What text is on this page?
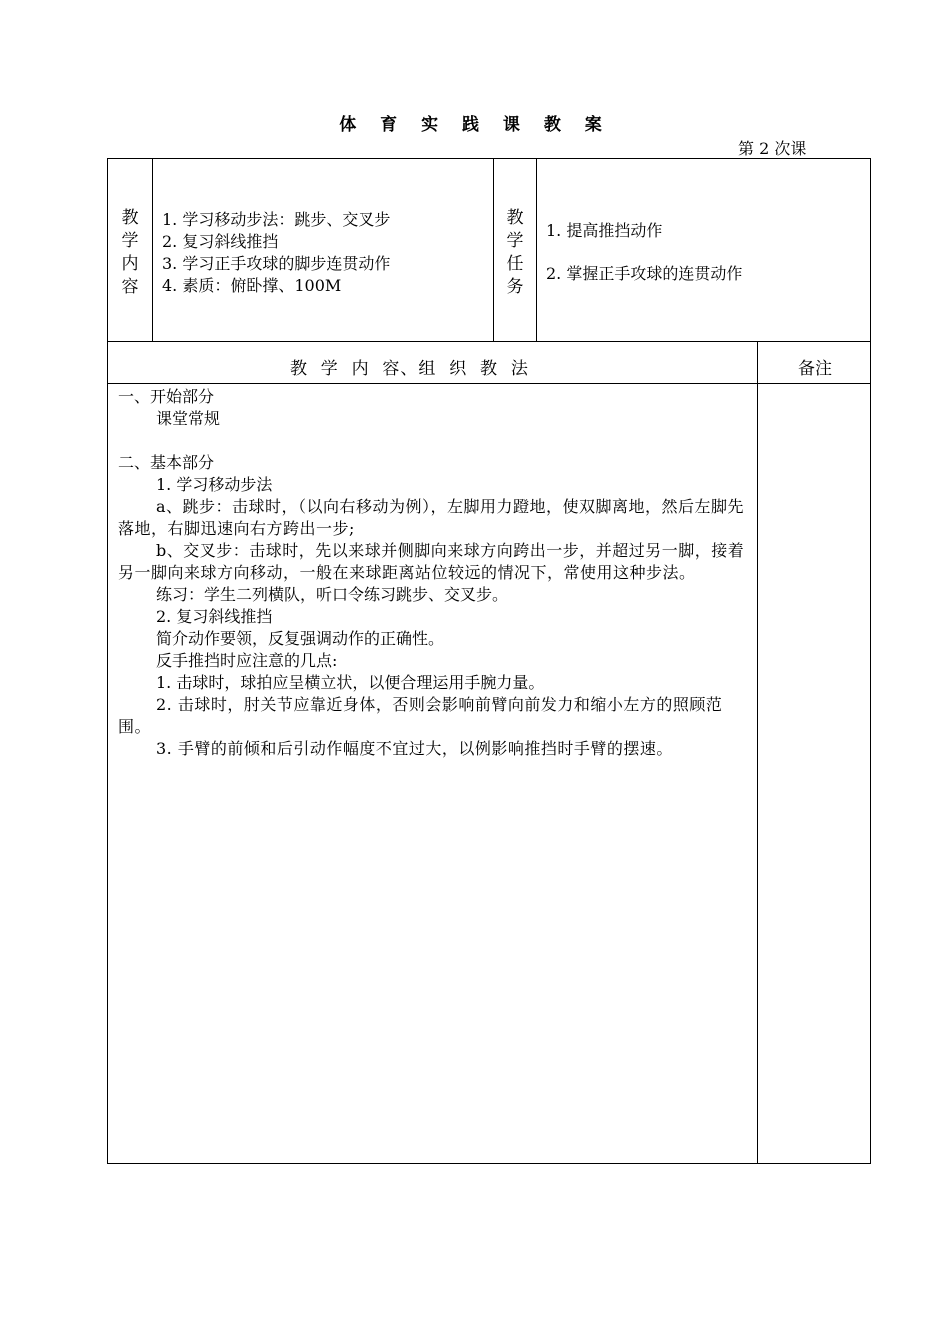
体 育 实 践 课 教 案
第 2 次课
教
学
内
容
1. 学习移动步法：跳步、交叉步
2. 复习斜线推挡
3. 学习正手攻球的脚步连贯动作
4. 素质：俯卧撑、100M
教
学
任
务
1. 提高推挡动作
2. 掌握正手攻球的连贯动作
教  学  内  容、组  织  教  法	备注

一、开始部分

课堂常规

二、基本部分

1. 学习移动步法

a、跳步：击球时，（以向右移动为例），左脚用力蹬地，使双脚离地，然后左脚先落地，右脚迅速向右方跨出一步;

b、交叉步：击球时，先以来球并侧脚向来球方向跨出一步，并超过另一脚，接着另一脚向来球方向移动，一般在来球距离站位较远的情况下，常使用这种步法。

练习：学生二列横队，听口令练习跳步、交叉步。

2. 复习斜线推挡

简介动作要领，反复强调动作的正确性。

反手推挡时应注意的几点:

1. 击球时，球拍应呈横立状，以便合理运用手腕力量。

2. 击球时，肘关节应靠近身体，否则会影响前臂向前发力和缩小左方的照顾范围。

3. 手臂的前倾和后引动作幅度不宜过大，以例影响推挡时手臂的摆速。
